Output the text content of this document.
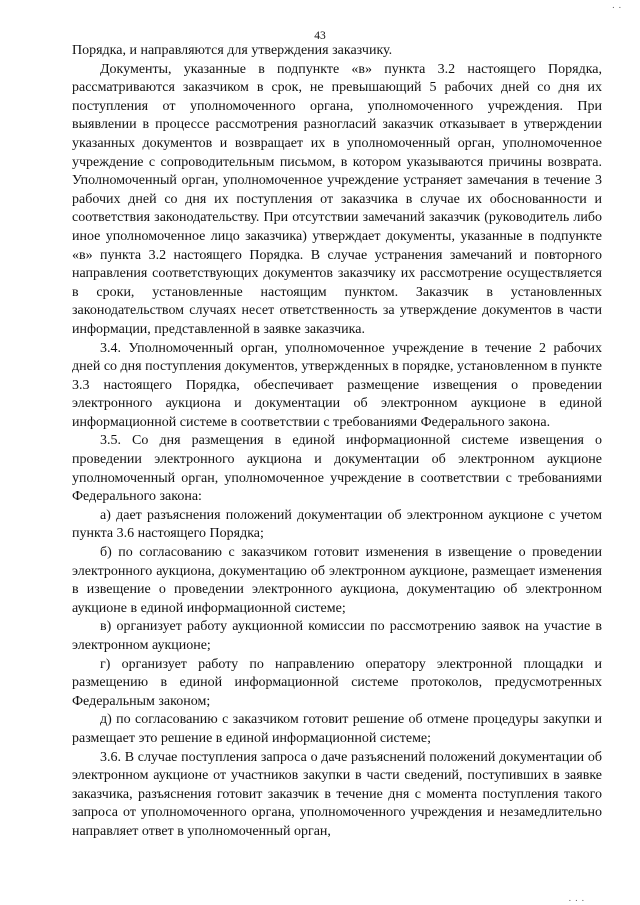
. .
43

Порядка, и направляются для утверждения заказчику.

Документы, указанные в подпункте «в» пункта 3.2 настоящего Порядка, рассматриваются заказчиком в срок, не превышающий 5 рабочих дней со дня их поступления от уполномоченного органа, уполномоченного учреждения. При выявлении в процессе рассмотрения разногласий заказчик отказывает в утверждении указанных документов и возвращает их в уполномоченный орган, уполномоченное учреждение с сопроводительным письмом, в котором указываются причины возврата. Уполномоченный орган, уполномоченное учреждение устраняет замечания в течение 3 рабочих дней со дня их поступления от заказчика в случае их обоснованности и соответствия законодательству. При отсутствии замечаний заказчик (руководитель либо иное уполномоченное лицо заказчика) утверждает документы, указанные в подпункте «в» пункта 3.2 настоящего Порядка. В случае устранения замечаний и повторного направления соответствующих документов заказчику их рассмотрение осуществляется в сроки, установленные настоящим пунктом. Заказчик в установленных законодательством случаях несет ответственность за утверждение документов в части информации, представленной в заявке заказчика.

3.4. Уполномоченный орган, уполномоченное учреждение в течение 2 рабочих дней со дня поступления документов, утвержденных в порядке, установленном в пункте 3.3 настоящего Порядка, обеспечивает размещение извещения о проведении электронного аукциона и документации об электронном аукционе в единой информационной системе в соответствии с требованиями Федерального закона.

3.5. Со дня размещения в единой информационной системе извещения о проведении электронного аукциона и документации об электронном аукционе уполномоченный орган, уполномоченное учреждение в соответствии с требованиями Федерального закона:

а) дает разъяснения положений документации об электронном аукционе с учетом пункта 3.6 настоящего Порядка;

б) по согласованию с заказчиком готовит изменения в извещение о проведении электронного аукциона, документацию об электронном аукционе, размещает изменения в извещение о проведении электронного аукциона, документацию об электронном аукционе в единой информационной системе;

в) организует работу аукционной комиссии по рассмотрению заявок на участие в электронном аукционе;

г) организует работу по направлению оператору электронной площадки и размещению в единой информационной системе протоколов, предусмотренных Федеральным законом;

д) по согласованию с заказчиком готовит решение об отмене процедуры закупки и размещает это решение в единой информационной системе;

3.6. В случае поступления запроса о даче разъяснений положений документации об электронном аукционе от участников закупки в части сведений, поступивших в заявке заказчика, разъяснения готовит заказчик в течение дня с момента поступления такого запроса от уполномоченного органа, уполномоченного учреждения и незамедлительно направляет ответ в уполномоченный орган,

. . .
